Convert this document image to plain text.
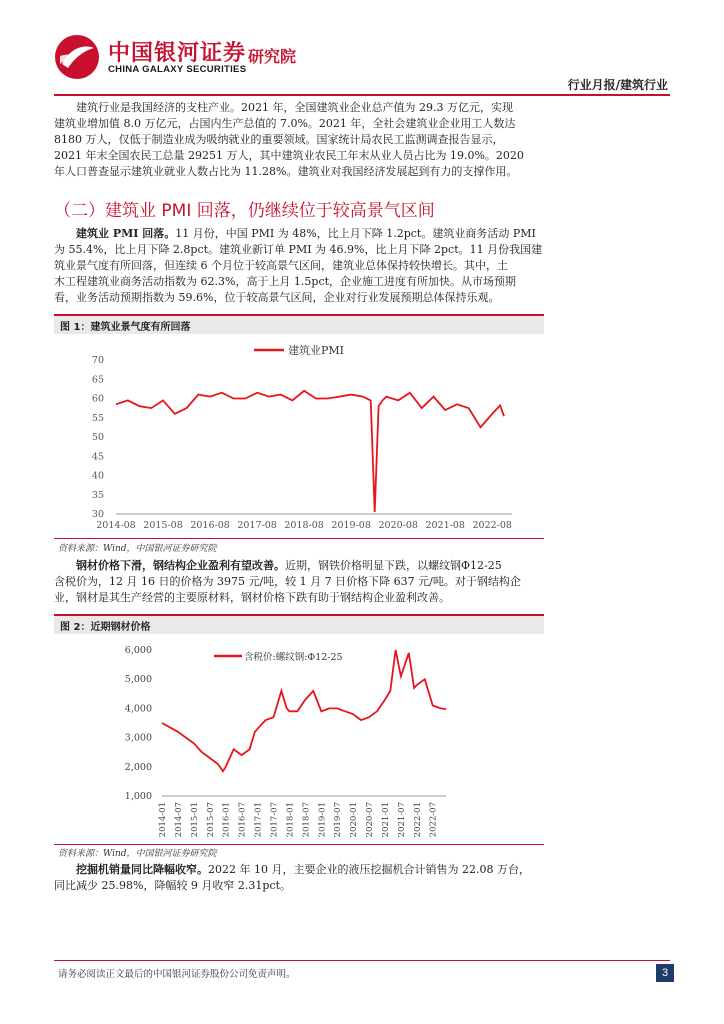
中国银河证券
CHINA GALAXY SECURITIES
研究院
行业月报/建筑行业
建筑行业是我国经济的支柱产业。2021 年，全国建筑业企业总产值为 29.3 万亿元，实现
建筑业增加值 8.0 万亿元，占国内生产总值的 7.0%。2021 年，全社会建筑业企业用工人数达
8180 万人，仅低于制造业成为吸纳就业的重要领域。国家统计局农民工监测调查报告显示，
2021 年末全国农民工总量 29251 万人，其中建筑业农民工年末从业人员占比为 19.0%。2020
年人口普查显示建筑业就业人数占比为 11.28%。建筑业对我国经济发展起到有力的支撑作用。
（二）建筑业 PMI 回落，仍继续位于较高景气区间
建筑业 PMI 回落。11 月份，中国 PMI 为 48%，比上月下降 1.2pct。建筑业商务活动 PMI
为 55.4%，比上月下降 2.8pct。建筑业新订单 PMI 为 46.9%，比上月下降 2pct。11 月份我国建
筑业景气度有所回落，但连续 6 个月位于较高景气区间，建筑业总体保持较快增长。其中，土
木工程建筑业商务活动指数为 62.3%，高于上月 1.5pct，企业施工进度有所加快。从市场预期
看，业务活动预期指数为 59.6%，位于较高景气区间，企业对行业发展预期总体保持乐观。
图 1：建筑业景气度有所回落
30
35
40
45
50
55
60
65
70
2014-08 2015-08 2016-08 2017-08 2018-08 2019-08 2020-08 2021-08 2022-08
建筑业PMI
资料来源：Wind，中国银河证券研究院
钢材价格下滑，钢结构企业盈利有望改善。近期，钢铁价格明显下跌，以螺纹钢Φ12-25
含税价为，12 月 16 日的价格为 3975 元/吨，较 1 月 7 日价格下降 637 元/吨。对于钢结构企
业，钢材是其生产经营的主要原材料，钢材价格下跌有助于钢结构企业盈利改善。
图 2：近期钢材价格
1,000
2,000
3,000
4,000
5,000
6,000
2014-01 2014-07 2015-01 2015-07 2016-01 2016-07 2017-01 2017-07 2018-01 2018-07 2019-01 2019-07 2020-01 2020-07 2021-01 2021-07 2022-01 2022-07
含税价:螺纹钢:Φ12-25
资料来源：Wind，中国银河证券研究院
挖掘机销量同比降幅收窄。2022 年 10 月，主要企业的液压挖掘机合计销售为 22.08 万台，
同比减少 25.98%，降幅较 9 月收窄 2.31pct。
请务必阅读正文最后的中国银河证券股份公司免责声明。	3
